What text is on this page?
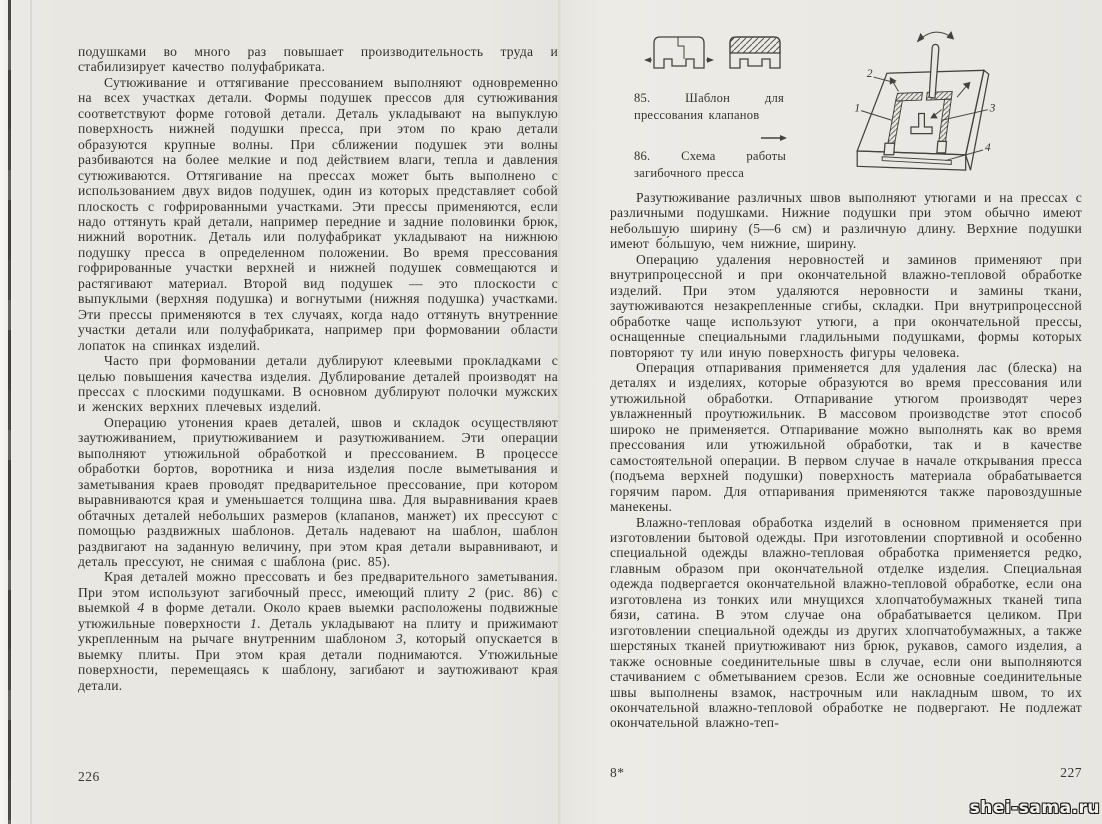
подушками во много раз повышает производительность труда и стабилизирует качество полуфабриката.

Сутюживание и оттягивание прессованием выполняют одновременно на всех участках детали. Формы подушек прессов для сутюживания соответствуют форме готовой детали. Деталь укладывают на выпуклую поверхность нижней подушки пресса, при этом по краю детали образуются крупные волны. При сближении подушек эти волны разбиваются на более мелкие и под действием влаги, тепла и давления сутюживаются. Оттягивание на прессах может быть выполнено с использованием двух видов подушек, один из которых представляет собой плоскость с гофрированными участками. Эти прессы применяются, если надо оттянуть край детали, например передние и задние половинки брюк, нижний воротник. Деталь или полуфабрикат укладывают на нижнюю подушку пресса в определенном положении. Во время прессования гофрированные участки верхней и нижней подушек совмещаются и растягивают материал. Второй вид подушек — это плоскости с выпуклыми (верхняя подушка) и вогнутыми (нижняя подушка) участками. Эти прессы применяются в тех случаях, когда надо оттянуть внутренние участки детали или полуфабриката, например при формовании области лопаток на спинках изделий.

Часто при формовании детали дублируют клеевыми прокладками с целью повышения качества изделия. Дублирование деталей производят на прессах с плоскими подушками. В основном дублируют полочки мужских и женских верхних плечевых изделий.

Операцию утонения краев деталей, швов и складок осуществляют заутюживанием, приутюживанием и разутюживанием. Эти операции выполняют утюжильной обработкой и прессованием. В процессе обработки бортов, воротника и низа изделия после выметывания и заметывания краев проводят предварительное прессование, при котором выравниваются края и уменьшается толщина шва. Для выравнивания краев обтачных деталей небольших размеров (клапанов, манжет) их прессуют с помощью раздвижных шаблонов. Деталь надевают на шаблон, шаблон раздвигают на заданную величину, при этом края детали выравнивают, и деталь прессуют, не снимая с шаблона (рис. 85).

Края деталей можно прессовать и без предварительного заметывания. При этом используют загибочный пресс, имеющий плиту 2 (рис. 86) с выемкой 4 в форме детали. Около краев выемки расположены подвижные утюжильные поверхности 1. Деталь укладывают на плиту и прижимают укрепленным на рычаге внутренним шаблоном 3, который опускается в выемку плиты. При этом края детали поднимаются. Утюжильные поверхности, перемещаясь к шаблону, загибают и заутюживают края детали.

226
85. Шаблон для прессования клапанов
86. Схема работы загибочного пресса
2
1	3
4

Разутюживание различных швов выполняют утюгами и на прессах с различными подушками. Нижние подушки при этом обычно имеют небольшую ширину (5—6 см) и различную длину. Верхние подушки имеют бо́льшую, чем нижние, ширину.

Операцию удаления неровностей и заминов применяют при внутрипроцессной и при окончательной влажно-тепловой обработке изделий. При этом удаляются неровности и замины ткани, заутюживаются незакрепленные сгибы, складки. При внутрипроцессной обработке чаще используют утюги, а при окончательной прессы, оснащенные специальными гладильными подушками, формы которых повторяют ту или иную поверхность фигуры человека.

Операция отпаривания применяется для удаления лас (блеска) на деталях и изделиях, которые образуются во время прессования или утюжильной обработки. Отпаривание утюгом производят через увлажненный проутюжильник. В массовом производстве этот способ широко не применяется. Отпаривание можно выполнять как во время прессования или утюжильной обработки, так и в качестве самостоятельной операции. В первом случае в начале открывания пресса (подъема верхней подушки) поверхность материала обрабатывается горячим паром. Для отпаривания применяются также паровоздушные манекены.

Влажно-тепловая обработка изделий в основном применяется при изготовлении бытовой одежды. При изготовлении спортивной и особенно специальной одежды влажно-тепловая обработка применяется редко, главным образом при окончательной отделке изделия. Специальная одежда подвергается окончательной влажно-тепловой обработке, если она изготовлена из тонких или мнущихся хлопчатобумажных тканей типа бязи, сатина. В этом случае она обрабатывается целиком. При изготовлении специальной одежды из других хлопчатобумажных, а также шерстяных тканей приутюживают низ брюк, рукавов, самого изделия, а также основные соединительные швы в случае, если они выполняются стачиванием с обметыванием срезов. Если же основные соединительные швы выполнены взамок, настрочным или накладным швом, то их окончательной влажно-тепловой обработке не подвергают. Не подлежат окончательной влажно-теп-

8*	227
shei-sama.ru
